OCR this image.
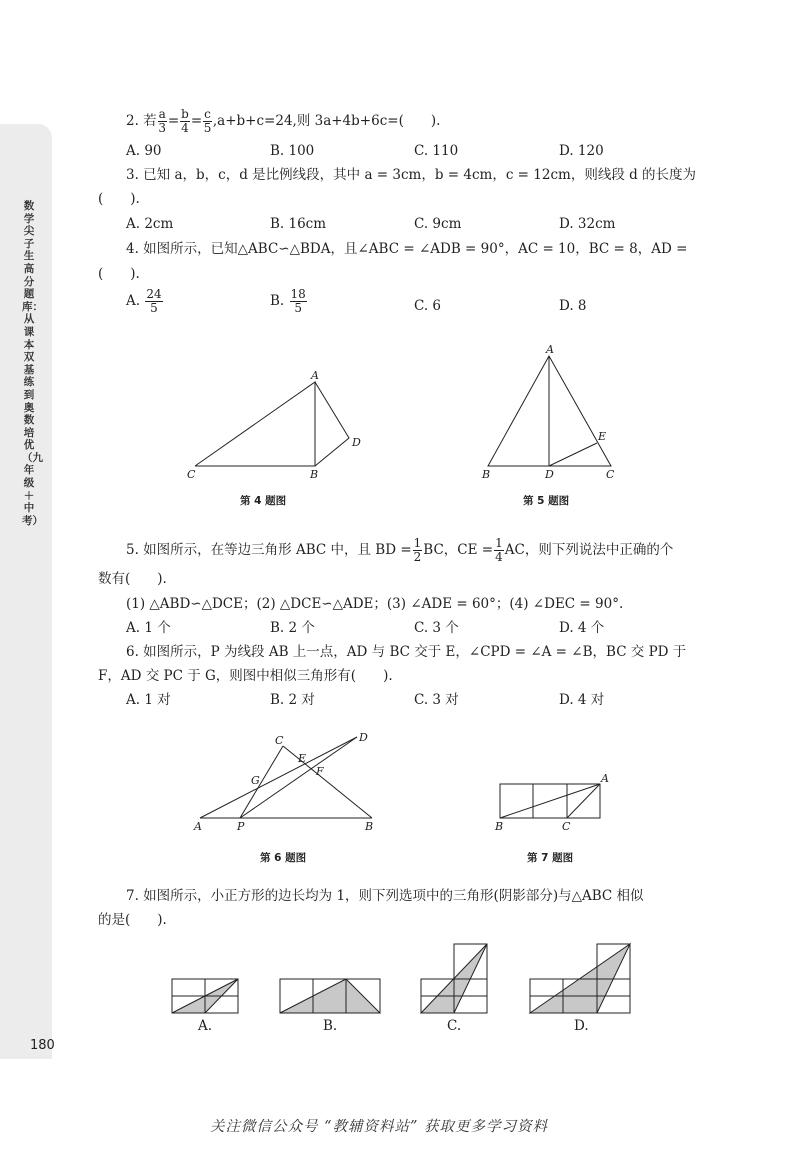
数学尖子生高分题库：从课本双基练到奥数培优（九年级＋中考）
180
2. 若 $\frac{a}{3} = \frac{b}{4} = \frac{c}{5} ,a+b+c=24$,则 3a+4b+6c=(　　).
A. 90	B. 100	C. 110	D. 120
3. 已知 a，b，c，d 是比例线段，其中 a = 3cm，b = 4cm，c = 12cm，则线段 d 的长度为
(　　).
A. 2cm	B. 16cm	C. 9cm	D. 32cm
4. 如图所示，已知△ABC∽△BDA，且∠ABC = ∠ADB = 90°，AC = 10，BC = 8，AD =
(　　).
A. $\frac{24}{5}$	B. $\frac{18}{5}$	C. 6	D. 8
A
B
C
D
第 4 题图
A
B	D	C
E
第 5 题图
5. 如图所示，在等边三角形 ABC 中，且 BD = $\frac{1}{2}$ BC，CE = $\frac{1}{4}$ AC，则下列说法中正确的个
数有(　　).
(1) △ABD∽△DCE；(2) △DCE∽△ADE；(3) ∠ADE = 60°；(4) ∠DEC = 90°.
A. 1 个	B. 2 个	C. 3 个	D. 4 个
6. 如图所示，P 为线段 AB 上一点，AD 与 BC 交于 E，∠CPD = ∠A = ∠B，BC 交 PD 于
F，AD 交 PC 于 G，则图中相似三角形有(　　).
A. 1 对	B. 2 对	C. 3 对	D. 4 对
A	P	B
C	D
E
F
G
第 6 题图
A
B	C
第 7 题图
7. 如图所示，小正方形的边长均为 1，则下列选项中的三角形(阴影部分)与△ABC 相似
的是(　　).
A.	B.	C.	D.
关注微信公众号 “教辅资料站” 获取更多学习资料
